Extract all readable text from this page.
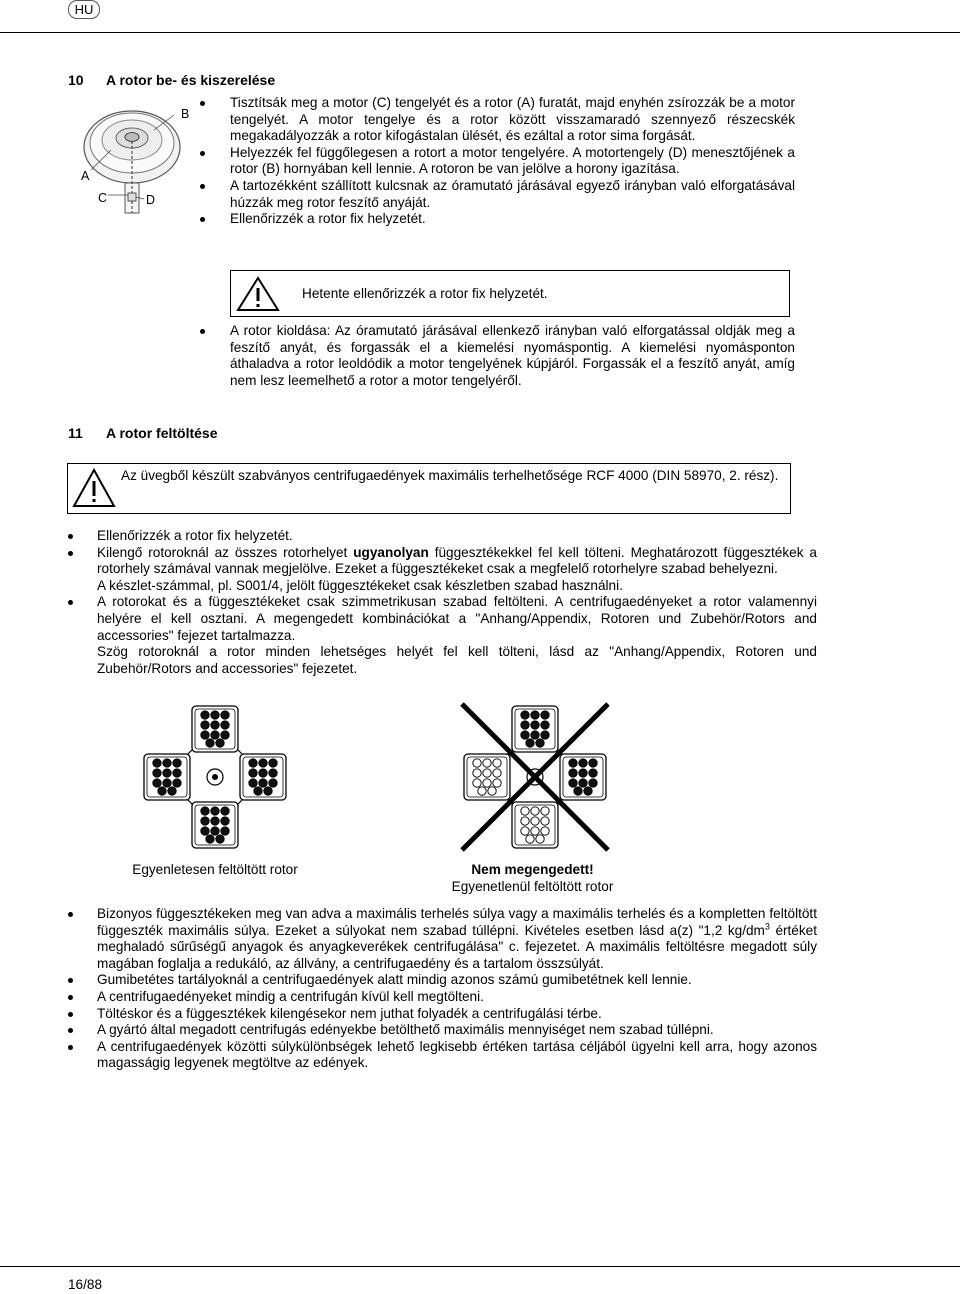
HU
10 A rotor be- és kiszerelése
A
B
C	D
Tisztítsák meg a motor (C) tengelyét és a rotor (A) furatát, majd enyhén zsírozzák be a motor tengelyét. A motor tengelye és a rotor között visszamaradó szennyező részecskék megakadályozzák a rotor kifogástalan ülését, és ezáltal a rotor sima forgását.
Helyezzék fel függőlegesen a rotort a motor tengelyére. A motortengely (D) menesztőjének a rotor (B) hornyában kell lennie. A rotoron be van jelölve a horony igazítása.
A tartozékként szállított kulcsnak az óramutató járásával egyező irányban való elforgatásával húzzák meg rotor feszítő anyáját.
Ellenőrizzék a rotor fix helyzetét.
Hetente ellenőrizzék a rotor fix helyzetét.
A rotor kioldása: Az óramutató járásával ellenkező irányban való elforgatással oldják meg a feszítő anyát, és forgassák el a kiemelési nyomáspontig. A kiemelési nyomásponton áthaladva a rotor leoldódik a motor tengelyének kúpjáról. Forgassák el a feszítő anyát, amíg nem lesz leemelhető a rotor a motor tengelyéről.
11 A rotor feltöltése
Az üvegből készült szabványos centrifugaedények maximális terhelhetősége RCF 4000 (DIN 58970, 2. rész).
Ellenőrizzék a rotor fix helyzetét.
Kilengő rotoroknál az összes rotorhelyet ugyanolyan függesztékekkel fel kell tölteni. Meghatározott függesztékek a rotorhely számával vannak megjelölve. Ezeket a függesztékeket csak a megfelelő rotorhelyre szabad behelyezni.
A készlet-számmal, pl. S001/4, jelölt függesztékeket csak készletben szabad használni.
A rotorokat és a függesztékeket csak szimmetrikusan szabad feltölteni. A centrifugaedényeket a rotor valamennyi helyére el kell osztani. A megengedett kombinációkat a "Anhang/Appendix, Rotoren und Zubehör/Rotors and accessories" fejezet tartalmazza.
Szög rotoroknál a rotor minden lehetséges helyét fel kell tölteni, lásd az "Anhang/Appendix, Rotoren und Zubehör/Rotors and accessories" fejezetet.
Egyenletesen feltöltött rotor	Nem megengedett!
Egyenetlenül feltöltött rotor
Bizonyos függesztékeken meg van adva a maximális terhelés súlya vagy a maximális terhelés és a kompletten feltöltött függeszték maximális súlya. Ezeket a súlyokat nem szabad túllépni. Kivételes esetben lásd a(z) "1,2 $kg/dm^3$ értéket meghaladó sűrűségű anyagok és anyagkeverékek centrifugálása" c. fejezetet. A maximális feltöltésre megadott súly magában foglalja a redukáló, az állvány, a centrifugaedény és a tartalom összsúlyát.
Gumibetétes tartályoknál a centrifugaedények alatt mindig azonos számú gumibetétnek kell lennie.
A centrifugaedényeket mindig a centrifugán kívül kell megtölteni.
Töltéskor és a függesztékek kilengésekor nem juthat folyadék a centrifugálási térbe.
A gyártó által megadott centrifugás edényekbe betölthető maximális mennyiséget nem szabad túllépni.
A centrifugaedények közötti súlykülönbségek lehető legkisebb értéken tartása céljából ügyelni kell arra, hogy azonos magasságig legyenek megtöltve az edények.
16/88
